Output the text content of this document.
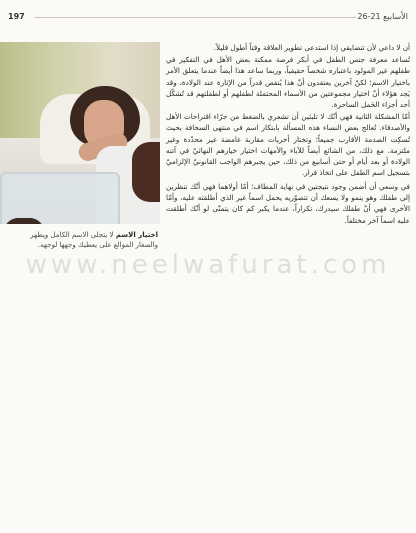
197	الأسابيع 21-26

أن لا داعي لأن تتضايقي إذا استدعى تطوير العلاقة وقتاً أطول قليلاً.

تُساعد معرفة جنس الطفل في أبكر فرصة ممكنة بعض الأهل في التفكير في طفلهم غير المولود باعتباره شخصاً حقيقياً، وربما ساعد هذا أيضاً عندما يتعلق الأمر باختيار الاسم؛ لكنّ آخرين يعتقدون أنّ هذا يُنقص قدراً من الإثارة عند الولادة، وقد يَجد هؤلاء أنّ اختيار مجموعتين من الأسماء المحتملة لطفلهم أو لطفلتهم قد تُشكّل أحد أجزاء الحَمل الساحرة.

أمّا المشكلة الثانية فهي أنّك لا تلبثين أن تشعري بالضغط من جرّاء اقتراحات الأهل والأصدقاء. تُعالج بعض النساء هذه المسألة بابتكار اسم في منتهى السخافة بحيث تُسكِت الصدمة الأقارب جميعاً؛ وتختار أخريات مقاربة غامضة غير محدّدة وغير ملتزمة. مع ذلك، من الشائع أيضاً للآباء والأمهات اختيار خيارهم النهائيّ في آتنه الولادة أو بعد أيام أو حتى أسابيع من ذلك، حين يجبرهم الواجب القانونيّ الإلزاميّ بتسجيل اسم الطفل على اتخاذ قرار.

اختيار الاسم لا يتجلى الاسم الكامل ويظهر والصغار الموالغ على يعطيك وجهها لوجهه.

في وسعي أن أضمن وجود نتيجتين في نهاية المطاف؛ أمّا أولاهما فهي أنّك تنظرين إلى طفلك وهو ينمو ولا يسعك أن تتصوّريه يحمل اسماً غير الذي أطلقته عليه، وأمّا الأخرى فهي أنّ طفلك سيدرك، تكراراً، عندما يكبر كم كان يتمنّى لو أنّك أطلقت عليه اسماً آخر مختلفاً.

www.neelwafurat.com
